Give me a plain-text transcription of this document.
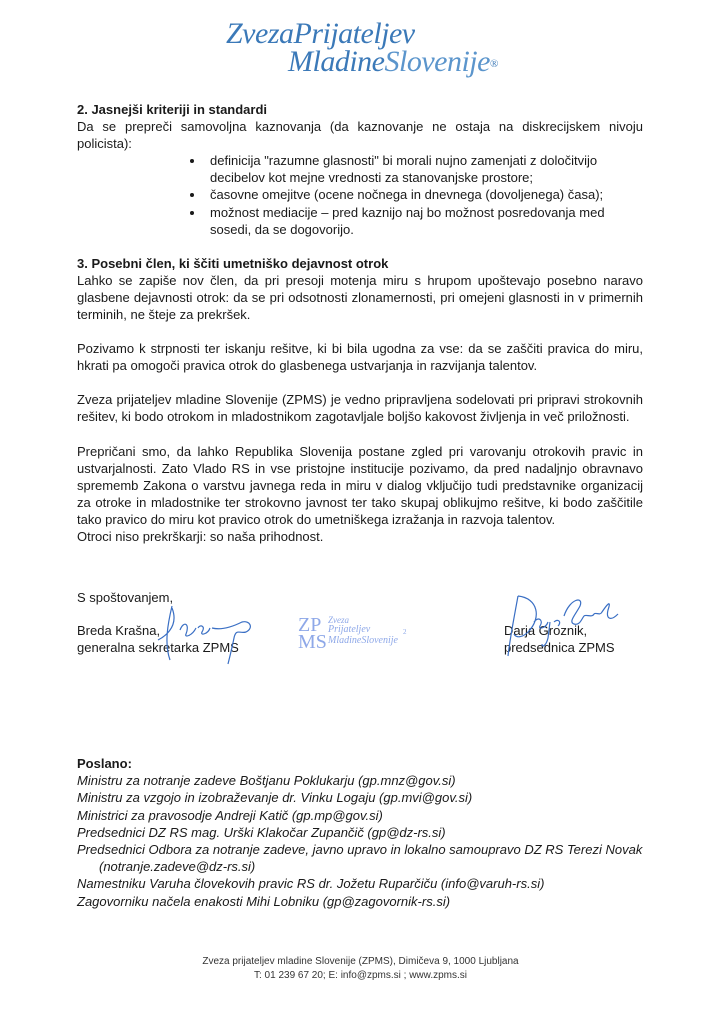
ZvezaPrijateljev
MladineSlovenije®
2. Jasnejši kriteriji in standardi

Da se prepreči samovoljna kaznovanja (da kaznovanje ne ostaja na diskrecijskem nivoju policista):

definicija "razumne glasnosti" bi morali nujno zamenjati z določitvijo decibelov kot mejne vrednosti za stanovanjske prostore;
časovne omejitve (ocene nočnega in dnevnega (dovoljenega) časa);
možnost mediacije – pred kaznijo naj bo možnost posredovanja med sosedi, da se dogovorijo.
3. Posebni člen, ki ščiti umetniško dejavnost otrok

Lahko se zapiše nov člen, da pri presoji motenja miru s hrupom upoštevajo posebno naravo glasbene dejavnosti otrok: da se pri odsotnosti zlonamernosti, pri omejeni glasnosti in v primernih terminih, ne šteje za prekršek.

Pozivamo k strpnosti ter iskanju rešitve, ki bi bila ugodna za vse: da se zaščiti pravica do miru, hkrati pa omogoči pravica otrok do glasbenega ustvarjanja in razvijanja talentov.

Zveza prijateljev mladine Slovenije (ZPMS) je vedno pripravljena sodelovati pri pripravi strokovnih rešitev, ki bodo otrokom in mladostnikom zagotavljale boljšo kakovost življenja in več priložnosti.

Prepričani smo, da lahko Republika Slovenija postane zgled pri varovanju otrokovih pravic in ustvarjalnosti. Zato Vlado RS in vse pristojne institucije pozivamo, da pred nadaljnjo obravnavo sprememb Zakona o varstvu javnega reda in miru v dialog vključijo tudi predstavnike organizacij za otroke in mladostnike ter strokovno javnost ter tako skupaj oblikujmo rešitve, ki bodo zaščitile tako pravico do miru kot pravico otrok do umetniškega izražanja in razvoja talentov.

Otroci niso prekrškarji: so naša prihodnost.

S spoštovanjem,
Breda Krašna,
generalna sekretarka ZPMS
Darja Groznik,
predsednica ZPMS
ZP
MS
Zveza
Prijateljev
MladineSlovenije
2
Poslano:
Ministru za notranje zadeve Boštjanu Poklukarju (gp.mnz@gov.si)
Ministru za vzgojo in izobraževanje dr. Vinku Logaju (gp.mvi@gov.si)
Ministrici za pravosodje Andreji Katič (gp.mp@gov.si)
Predsednici DZ RS mag. Urški Klakočar Zupančič (gp@dz-rs.si)
Predsednici Odbora za notranje zadeve, javno upravo in lokalno samoupravo DZ RS Terezi Novak
(notranje.zadeve@dz-rs.si)
Namestniku Varuha človekovih pravic RS dr. Jožetu Ruparčiču (info@varuh-rs.si)
Zagovorniku načela enakosti Mihi Lobniku (gp@zagovornik-rs.si)
Zveza prijateljev mladine Slovenije (ZPMS), Dimičeva 9, 1000 Ljubljana
T: 01 239 67 20; E: info@zpms.si ; www.zpms.si
